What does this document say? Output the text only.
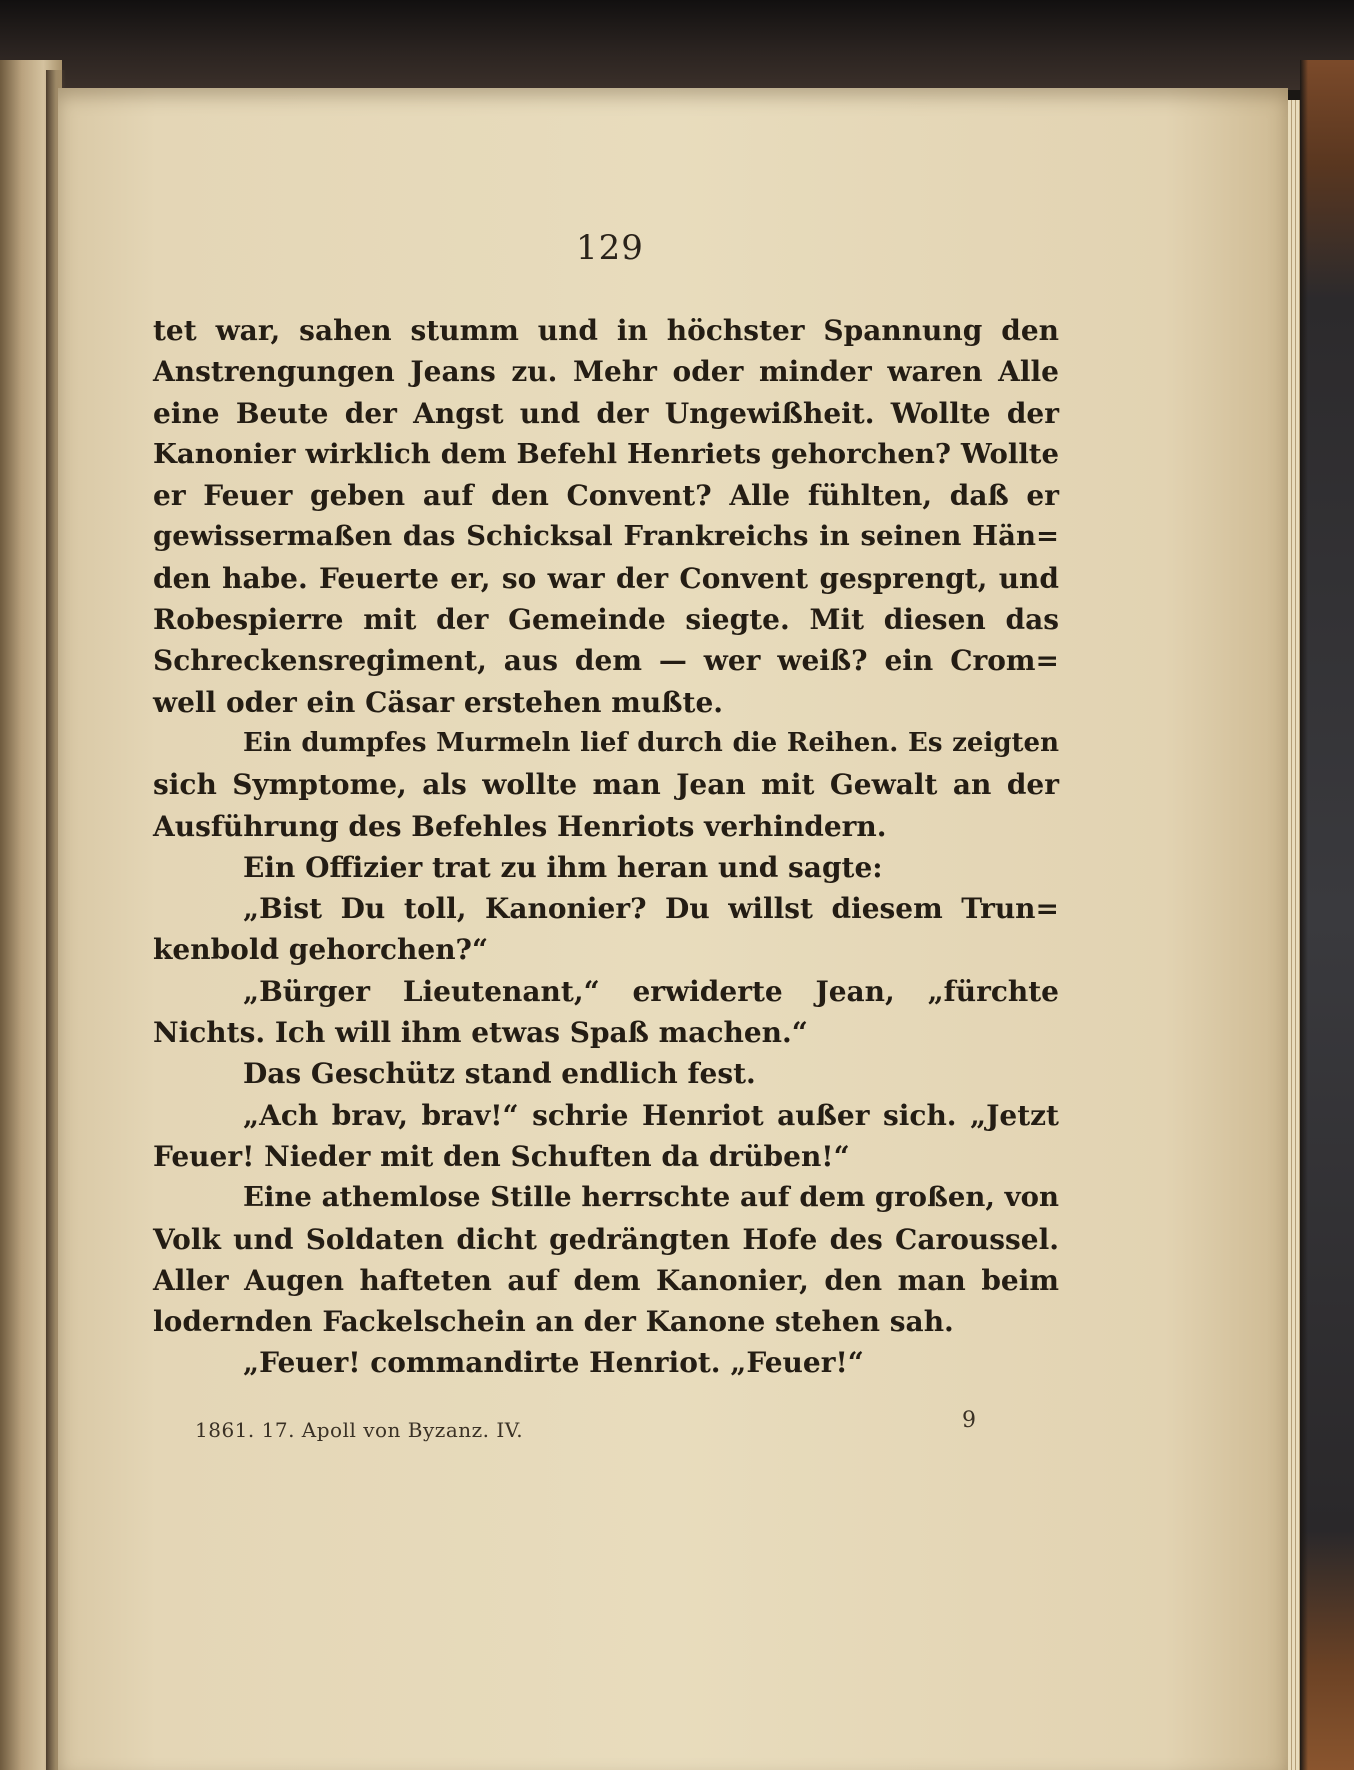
129
tet war, sahen stumm und in höchster Spannung den
Anstrengungen Jeans zu. Mehr oder minder waren Alle
eine Beute der Angst und der Ungewißheit. Wollte der
Kanonier wirklich dem Befehl Henriets gehorchen? Wollte
er Feuer geben auf den Convent? Alle fühlten, daß er
gewissermaßen das Schicksal Frankreichs in seinen Hän=
den habe. Feuerte er, so war der Convent gesprengt, und
Robespierre mit der Gemeinde siegte. Mit diesen das
Schreckensregiment, aus dem — wer weiß? ein Crom=
well oder ein Cäsar erstehen mußte.
Ein dumpfes Murmeln lief durch die Reihen. Es zeigten
sich Symptome, als wollte man Jean mit Gewalt an der
Ausführung des Befehles Henriots verhindern.
Ein Offizier trat zu ihm heran und sagte:
„Bist Du toll, Kanonier? Du willst diesem Trun=
kenbold gehorchen?“
„Bürger Lieutenant,“ erwiderte Jean, „fürchte
Nichts. Ich will ihm etwas Spaß machen.“
Das Geschütz stand endlich fest.
„Ach brav, brav!“ schrie Henriot außer sich. „Jetzt
Feuer! Nieder mit den Schuften da drüben!“
Eine athemlose Stille herrschte auf dem großen, von
Volk und Soldaten dicht gedrängten Hofe des Caroussel.
Aller Augen hafteten auf dem Kanonier, den man beim
lodernden Fackelschein an der Kanone stehen sah.
„Feuer! commandirte Henriot. „Feuer!“
1861. 17. Apoll von Byzanz. IV.	9
